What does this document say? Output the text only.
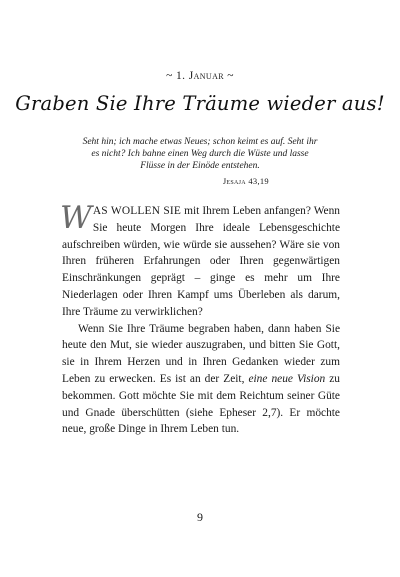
~ 1. Januar ~
Graben Sie Ihre Träume wieder aus!
Seht hin; ich mache etwas Neues; schon keimt es auf. Seht ihr es nicht? Ich bahne einen Weg durch die Wüste und lasse Flüsse in der Einöde entstehen.
Jesaja 43,19

WAS WOLLEN SIE mit Ihrem Leben anfangen? Wenn Sie heute Morgen Ihre ideale Lebensgeschichte aufschreiben würden, wie würde sie aussehen? Wäre sie von Ihren früheren Erfahrungen oder Ihren gegenwärtigen Einschränkungen geprägt – ginge es mehr um Ihre Niederlagen oder Ihren Kampf ums Überleben als darum, Ihre Träume zu verwirklichen?

Wenn Sie Ihre Träume begraben haben, dann haben Sie heute den Mut, sie wieder auszugraben, und bitten Sie Gott, sie in Ihrem Herzen und in Ihren Gedanken wieder zum Leben zu erwecken. Es ist an der Zeit, eine neue Vision zu bekommen. Gott möchte Sie mit dem Reichtum seiner Güte und Gnade überschütten (siehe Epheser 2,7). Er möchte neue, große Dinge in Ihrem Leben tun.

9
